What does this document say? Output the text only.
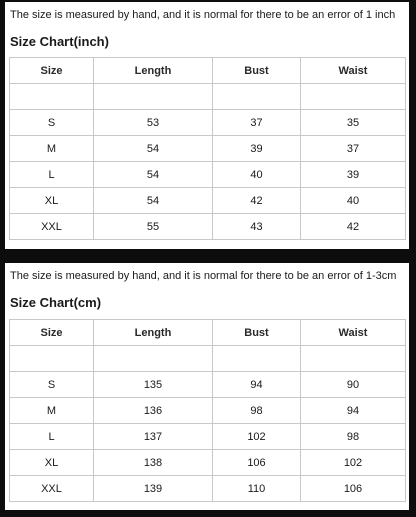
The size is measured by hand, and it is normal for there to be an error of 1 inch
Size Chart(inch)
Size	Length	Bust	Waist

S	53	37	35
M	54	39	37
L	54	40	39
XL	54	42	40
XXL	55	43	42
The size is measured by hand, and it is normal for there to be an error of 1-3cm
Size Chart(cm)
Size	Length	Bust	Waist

S	135	94	90
M	136	98	94
L	137	102	98
XL	138	106	102
XXL	139	110	106
